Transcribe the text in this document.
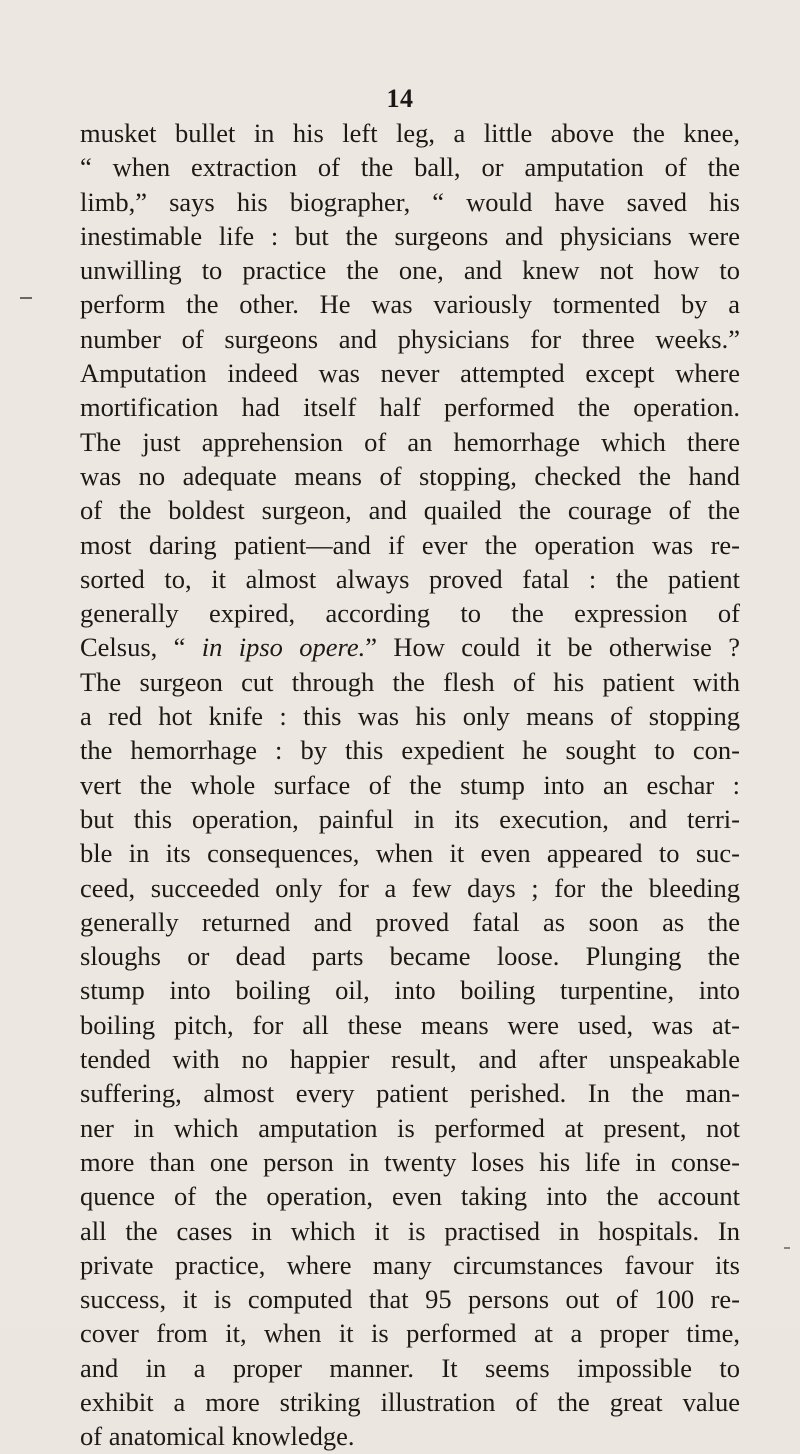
14
musket bullet in his left leg, a little above the knee,
“ when extraction of the ball, or amputation of the
limb,” says his biographer, “ would have saved his
inestimable life : but the surgeons and physicians were
unwilling to practice the one, and knew not how to
perform the other. He was variously tormented by a
number of surgeons and physicians for three weeks.”
Amputation indeed was never attempted except where
mortification had itself half performed the operation.
The just apprehension of an hemorrhage which there
was no adequate means of stopping, checked the hand
of the boldest surgeon, and quailed the courage of the
most daring patient—and if ever the operation was re-
sorted to, it almost always proved fatal : the patient
generally expired, according to the expression of
Celsus, “ in ipso opere.” How could it be otherwise ?
The surgeon cut through the flesh of his patient with
a red hot knife : this was his only means of stopping
the hemorrhage : by this expedient he sought to con-
vert the whole surface of the stump into an eschar :
but this operation, painful in its execution, and terri-
ble in its consequences, when it even appeared to suc-
ceed, succeeded only for a few days ; for the bleeding
generally returned and proved fatal as soon as the
sloughs or dead parts became loose. Plunging the
stump into boiling oil, into boiling turpentine, into
boiling pitch, for all these means were used, was at-
tended with no happier result, and after unspeakable
suffering, almost every patient perished. In the man-
ner in which amputation is performed at present, not
more than one person in twenty loses his life in conse-
quence of the operation, even taking into the account
all the cases in which it is practised in hospitals. In
private practice, where many circumstances favour its
success, it is computed that 95 persons out of 100 re-
cover from it, when it is performed at a proper time,
and in a proper manner. It seems impossible to
exhibit a more striking illustration of the great value
of anatomical knowledge.
